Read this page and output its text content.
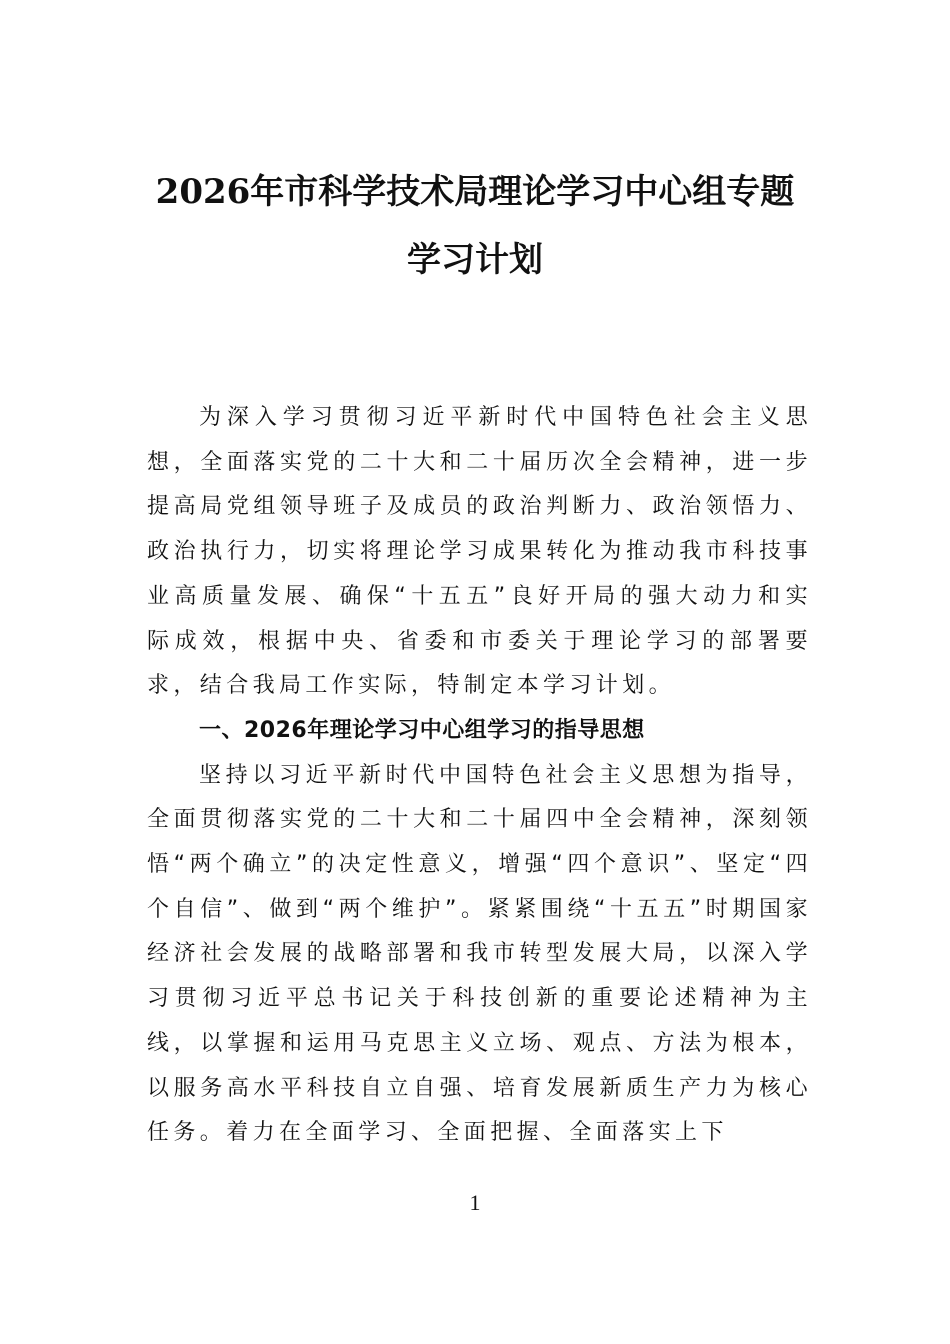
2026年市科学技术局理论学习中心组专题
学习计划

为深入学习贯彻习近平新时代中国特色社会主义思想，全面落实党的二十大和二十届历次全会精神，进一步提高局党组领导班子及成员的政治判断力、政治领悟力、政治执行力，切实将理论学习成果转化为推动我市科技事业高质量发展、确保“十五五”良好开局的强大动力和实际成效，根据中央、省委和市委关于理论学习的部署要求，结合我局工作实际，特制定本学习计划。

一、2026年理论学习中心组学习的指导思想

坚持以习近平新时代中国特色社会主义思想为指导，全面贯彻落实党的二十大和二十届四中全会精神，深刻领悟“两个确立”的决定性意义，增强“四个意识”、坚定“四个自信”、做到“两个维护”。紧紧围绕“十五五”时期国家经济社会发展的战略部署和我市转型发展大局，以深入学习贯彻习近平总书记关于科技创新的重要论述精神为主线，以掌握和运用马克思主义立场、观点、方法为根本，以服务高水平科技自立自强、培育发展新质生产力为核心任务。着力在全面学习、全面把握、全面落实上下

1
